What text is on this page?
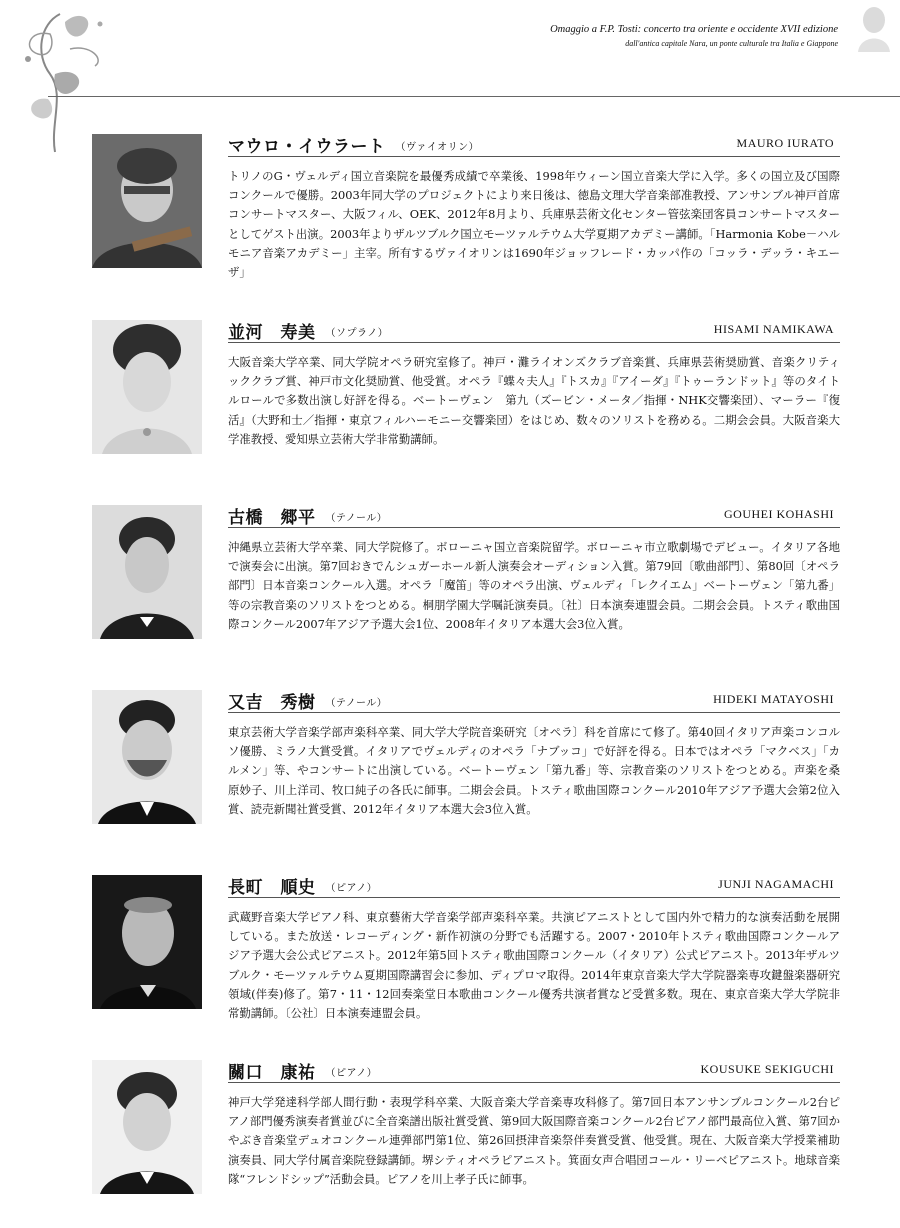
Omaggio a F.P. Tosti: concerto tra oriente e occidente XVII edizione
dall'antica capitale Nara, un ponte culturale tra Italia e Giappone
マウロ・イウラート （ヴァイオリン）	MAURO IURATO

トリノのG・ヴェルディ国立音楽院を最優秀成績で卒業後、1998年ウィーン国立音楽大学に入学。多くの国立及び国際コンクールで優勝。2003年同大学のプロジェクトにより来日後は、徳島文理大学音楽部准教授、アンサンブル神戸首席コンサートマスター、大阪フィル、OEK、2012年8月より、兵庫県芸術文化センター管弦楽団客員コンサートマスターとしてゲスト出演。2003年よりザルツブルク国立モーツァルテウム大学夏期アカデミー講師。「Harmonia Kobe－ハルモニア音楽アカデミー」主宰。所有するヴァイオリンは1690年ジョッフレード・カッパ作の「コッラ・デッラ・キエーザ」

並河　寿美 （ソプラノ）	HISAMI NAMIKAWA

大阪音楽大学卒業、同大学院オペラ研究室修了。神戸・灘ライオンズクラブ音楽賞、兵庫県芸術奨励賞、音楽クリティッククラブ賞、神戸市文化奨励賞、他受賞。オペラ『蝶々夫人』『トスカ』『アイーダ』『トゥーランドット』等のタイトルロールで多数出演し好評を得る。ベートーヴェン　第九（ズービン・メータ／指揮・NHK交響楽団）、マーラー『復活』（大野和士／指揮・東京フィルハーモニー交響楽団）をはじめ、数々のソリストを務める。二期会会員。大阪音楽大学准教授、愛知県立芸術大学非常勤講師。

古橋　郷平 （テノール）	GOUHEI KOHASHI

沖縄県立芸術大学卒業、同大学院修了。ボローニャ国立音楽院留学。ボローニャ市立歌劇場でデビュー。イタリア各地で演奏会に出演。第7回おきでんシュガーホール新人演奏会オーディション入賞。第79回〔歌曲部門〕、第80回〔オペラ部門〕日本音楽コンクール入選。オペラ「魔笛」等のオペラ出演、ヴェルディ「レクイエム」ベートーヴェン「第九番」等の宗教音楽のソリストをつとめる。桐朋学園大学嘱託演奏員。〔社〕日本演奏連盟会員。二期会会員。トスティ歌曲国際コンクール2007年アジア予選大会1位、2008年イタリア本選大会3位入賞。

又吉　秀樹 （テノール）	HIDEKI MATAYOSHI

東京芸術大学音楽学部声楽科卒業、同大学大学院音楽研究〔オペラ〕科を首席にて修了。第40回イタリア声楽コンコルソ優勝、ミラノ大賞受賞。イタリアでヴェルディのオペラ「ナブッコ」で好評を得る。日本ではオペラ「マクベス」「カルメン」等、やコンサートに出演している。ベートーヴェン「第九番」等、宗教音楽のソリストをつとめる。声楽を桑原妙子、川上洋司、牧口純子の各氏に師事。二期会会員。トスティ歌曲国際コンクール2010年アジア予選大会第2位入賞、読売新聞社賞受賞、2012年イタリア本選大会3位入賞。

長町　順史 （ピアノ）	JUNJI NAGAMACHI

武蔵野音楽大学ピアノ科、東京藝術大学音楽学部声楽科卒業。共演ピアニストとして国内外で精力的な演奏活動を展開している。また放送・レコーディング・新作初演の分野でも活躍する。2007・2010年トスティ歌曲国際コンクールアジア予選大会公式ピアニスト。2012年第5回トスティ歌曲国際コンクール（イタリア）公式ピアニスト。2013年ザルツブルク・モーツァルテウム夏期国際講習会に参加、ディプロマ取得。2014年東京音楽大学大学院器楽専攻鍵盤楽器研究領域(伴奏)修了。第7・11・12回奏楽堂日本歌曲コンクール優秀共演者賞など受賞多数。現在、東京音楽大学大学院非常勤講師。〔公社〕日本演奏連盟会員。

關口　康祐 （ピアノ）	KOUSUKE SEKIGUCHI

神戸大学発達科学部人間行動・表現学科卒業、大阪音楽大学音楽専攻科修了。第7回日本アンサンブルコンクール2台ピアノ部門優秀演奏者賞並びに全音楽譜出版社賞受賞、第9回大阪国際音楽コンクール2台ピアノ部門最高位入賞、第7回かやぶき音楽堂デュオコンクール連弾部門第1位、第26回摂津音楽祭伴奏賞受賞、他受賞。現在、大阪音楽大学授業補助演奏員、同大学付属音楽院登録講師。堺シティオペラピアニスト。箕面女声合唱団コール・リーベピアニスト。地球音楽隊“フレンドシップ”活動会員。ピアノを川上孝子氏に師事。
